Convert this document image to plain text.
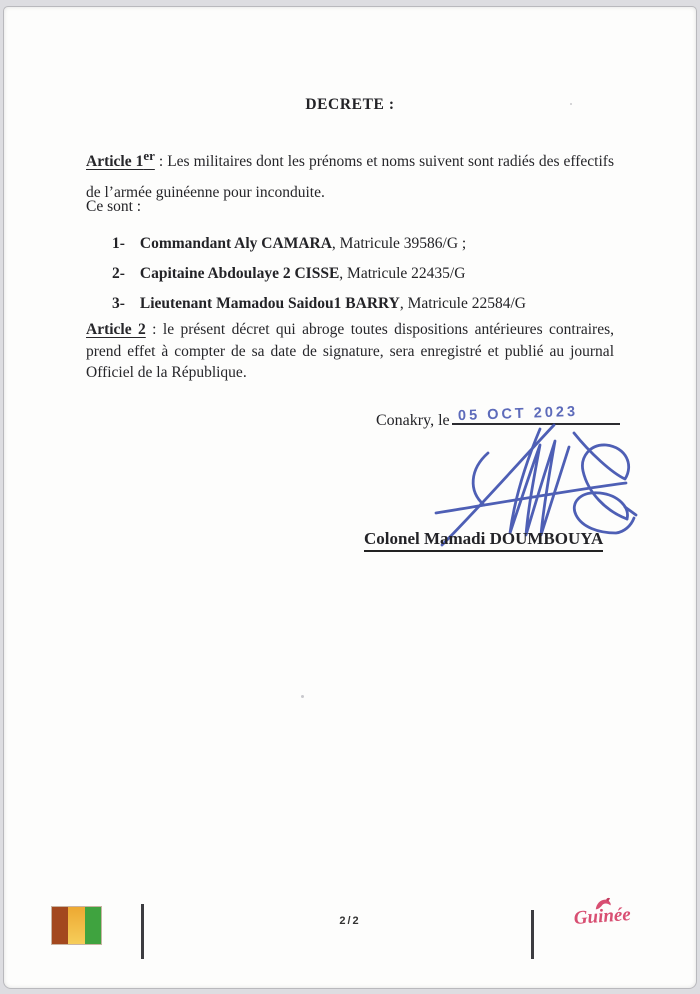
DECRETE :

Article 1er : Les militaires dont les prénoms et noms suivent sont radiés des effectifs de l’armée guinéenne pour inconduite.

Ce sont :

1- Commandant Aly CAMARA, Matricule 39586/G ;
2- Capitaine Abdoulaye 2 CISSE, Matricule 22435/G
3- Lieutenant Mamadou Saidou1 BARRY, Matricule 22584/G

Article 2 : le présent décret qui abroge toutes dispositions antérieures contraires, prend effet à compter de sa date de signature, sera enregistré et publié au journal Officiel de la République.

Conakry, le 05 OCT 2023

Colonel Mamadi DOUMBOUYA

2/2	Guinée
